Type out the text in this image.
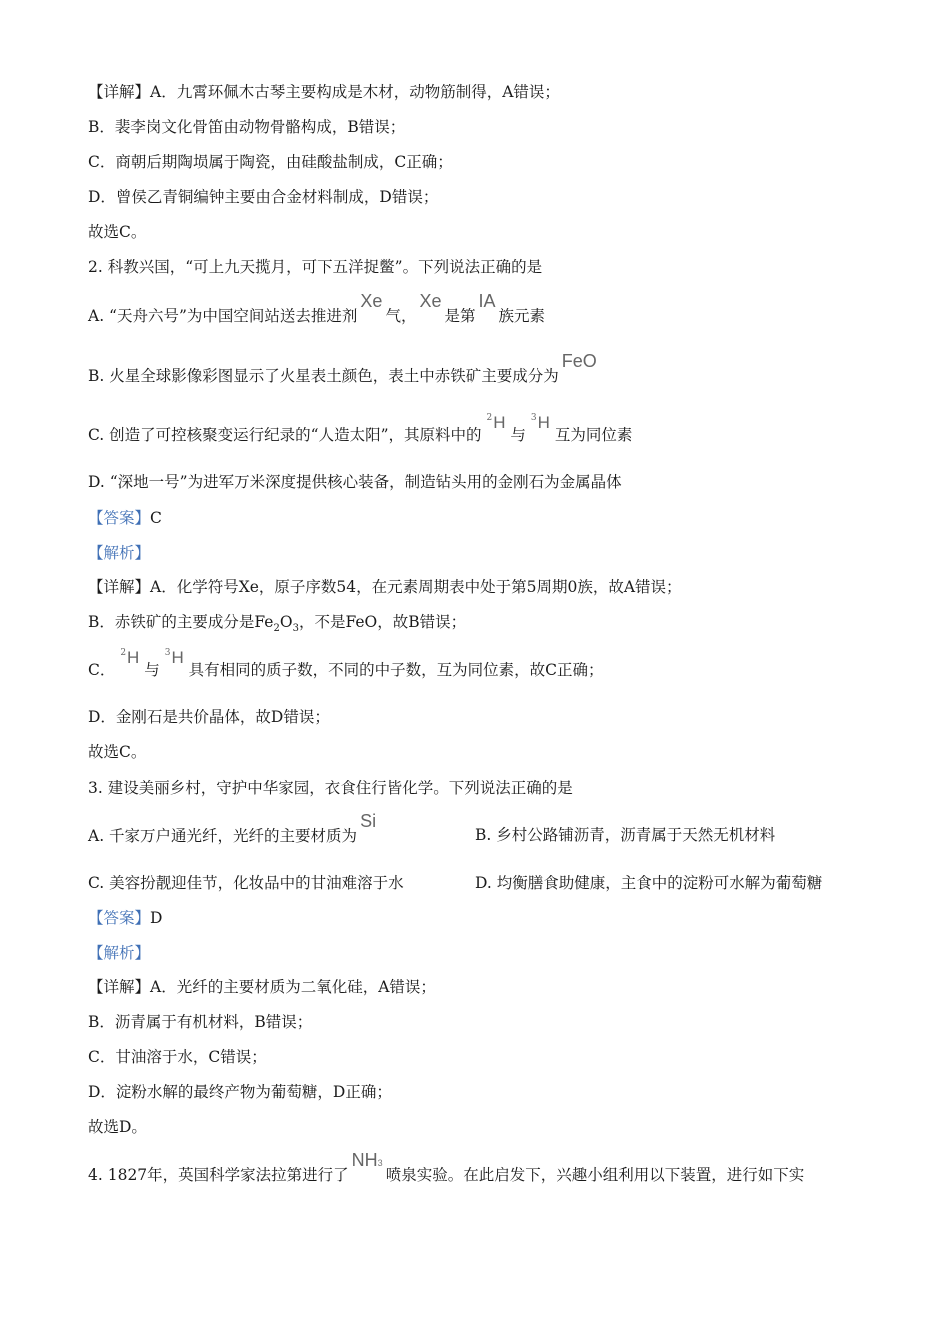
【详解】A．九霄环佩木古琴主要构成是木材，动物筋制得，A错误；
B．裴李岗文化骨笛由动物骨骼构成，B错误；
C．商朝后期陶埙属于陶瓷，由硅酸盐制成，C正确；
D．曾侯乙青铜编钟主要由合金材料制成，D错误；
故选C。
2. 科教兴国，“可上九天揽月，可下五洋捉鳖”。下列说法正确的是
A. “天舟六号”为中国空间站送去推进剂Xe气，Xe是第IA族元素
B. 火星全球影像彩图显示了火星表土颜色，表土中赤铁矿主要成分为FeO
C. 创造了可控核聚变运行纪录的“人造太阳”，其原料中的 $^2$H 与 $^3$H 互为同位素
D. “深地一号”为进军万米深度提供核心装备，制造钻头用的金刚石为金属晶体
【答案】C
【解析】
【详解】A．化学符号Xe，原子序数54，在元素周期表中处于第5周期0族，故A错误；
B．赤铁矿的主要成分是$Fe_2O_3$，不是FeO，故B错误；
C． $^2$H 与 $^3$H 具有相同的质子数，不同的中子数，互为同位素，故C正确；
D．金刚石是共价晶体，故D错误；
故选C。
3. 建设美丽乡村，守护中华家园，衣食住行皆化学。下列说法正确的是
A. 千家万户通光纤，光纤的主要材质为Si
B. 乡村公路铺沥青，沥青属于天然无机材料
C. 美容扮靓迎佳节，化妆品中的甘油难溶于水	D. 均衡膳食助健康，主食中的淀粉可水解为葡萄糖
【答案】D
【解析】
【详解】A．光纤的主要材质为二氧化硅，A错误；
B．沥青属于有机材料，B错误；
C．甘油溶于水，C错误；
D．淀粉水解的最终产物为葡萄糖，D正确；
故选D。
4. 1827年，英国科学家法拉第进行了NH3喷泉实验。在此启发下，兴趣小组利用以下装置，进行如下实
